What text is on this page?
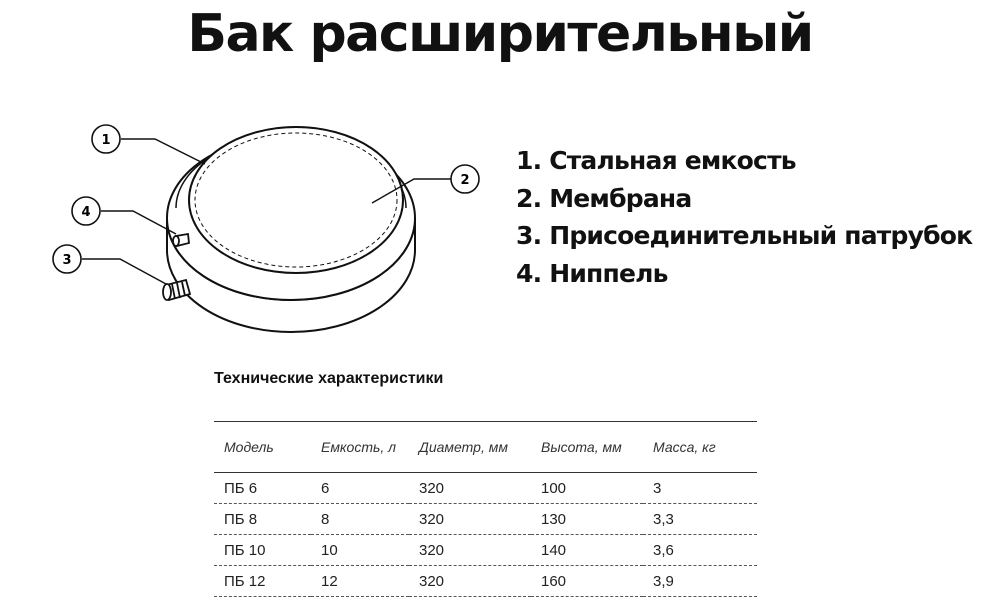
Бак расширительный
1
2
3
4
1. Стальная емкость
2. Мембрана
3. Присоединительный патрубок
4. Ниппель
Технические характеристики
Модель	Емкость, л	Диаметр, мм	Высота, мм	Масса, кг
ПБ 6	6	320	100	3
ПБ 8	8	320	130	3,3
ПБ 10	10	320	140	3,6
ПБ 12	12	320	160	3,9
